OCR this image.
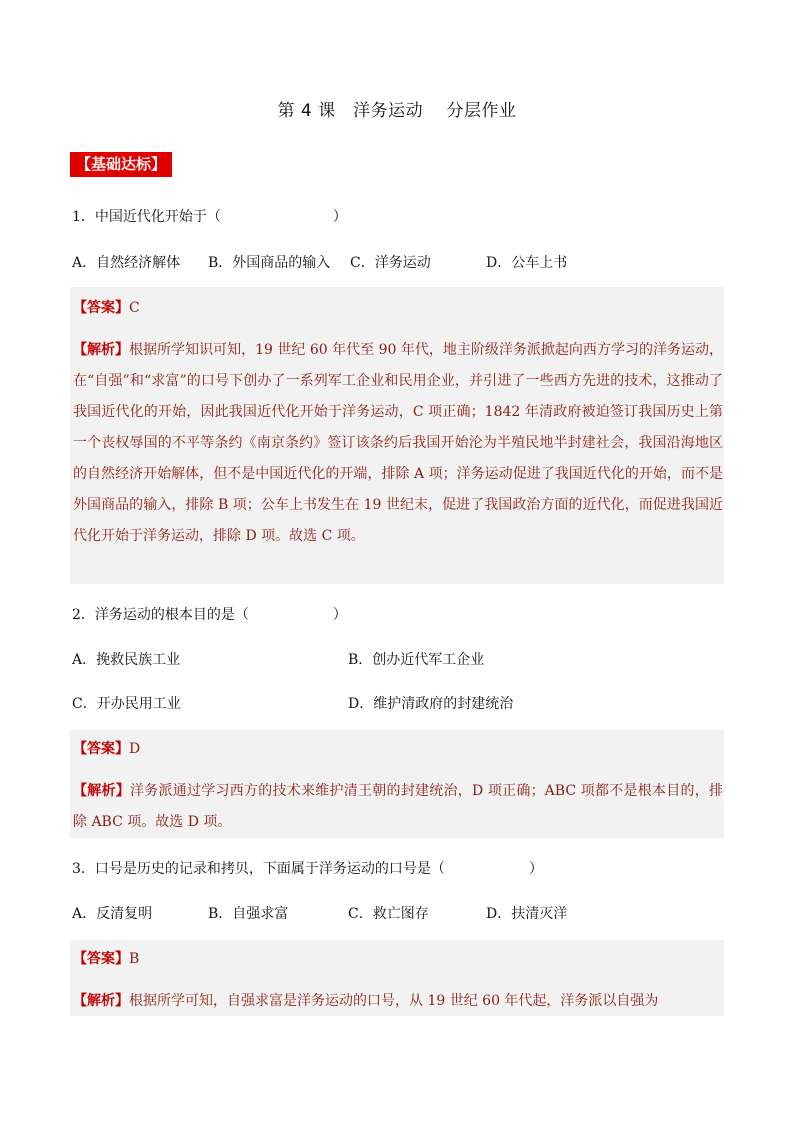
第 4 课　洋务运动　 分层作业
【基础达标】
1．中国近代化开始于（　　　　　　　　）
A．自然经济解体 B．外国商品的输入 C．洋务运动	D．公车上书
【答案】C
【解析】根据所学知识可知，19 世纪 60 年代至 90 年代，地主阶级洋务派掀起向西方学习的洋务运动，在“自强”和“求富”的口号下创办了一系列军工企业和民用企业，并引进了一些西方先进的技术，这推动了我国近代化的开始，因此我国近代化开始于洋务运动，C 项正确；1842 年清政府被迫签订我国历史上第一个丧权辱国的不平等条约《南京条约》签订该条约后我国开始沦为半殖民地半封建社会，我国沿海地区的自然经济开始解体，但不是中国近代化的开端，排除 A 项；洋务运动促进了我国近代化的开始，而不是外国商品的输入，排除 B 项；公车上书发生在 19 世纪末，促进了我国政治方面的近代化，而促进我国近代化开始于洋务运动，排除 D 项。故选 C 项。
2．洋务运动的根本目的是（　　　　　　）
A．挽救民族工业	B．创办近代军工企业
C．开办民用工业	D．维护清政府的封建统治
【答案】D
【解析】洋务派通过学习西方的技术来维护清王朝的封建统治，D 项正确；ABC 项都不是根本目的，排除 ABC 项。故选 D 项。
3．口号是历史的记录和拷贝，下面属于洋务运动的口号是（　　　　　　）
A．反清复明	B．自强求富	C．救亡图存	D．扶清灭洋
【答案】B
【解析】根据所学可知，自强求富是洋务运动的口号，从 19 世纪 60 年代起，洋务派以自强为
